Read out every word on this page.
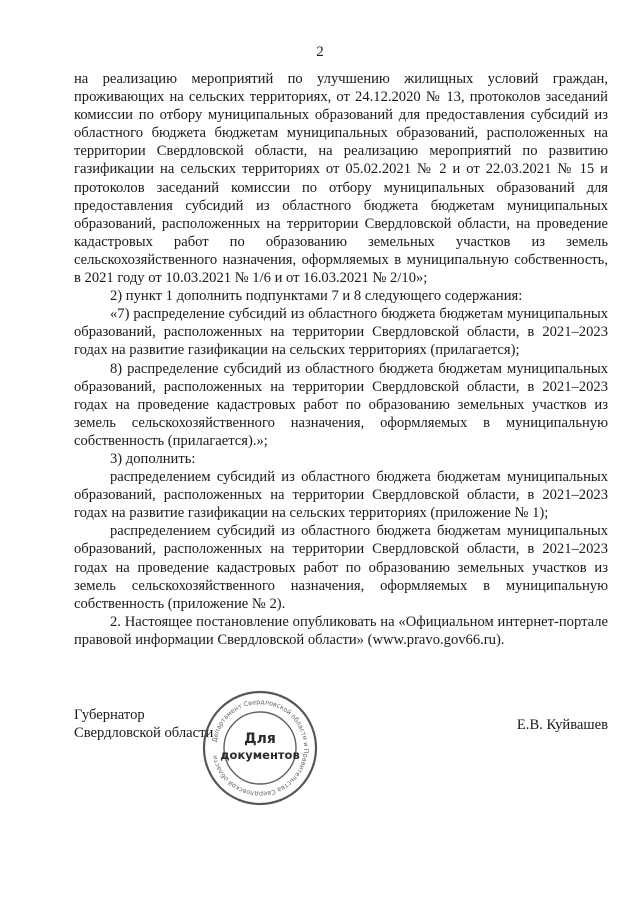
2

на реализацию мероприятий по улучшению жилищных условий граждан, проживающих на сельских территориях, от 24.12.2020 № 13, протоколов заседаний комиссии по отбору муниципальных образований для предоставления субсидий из областного бюджета бюджетам муниципальных образований, расположенных на территории Свердловской области, на реализацию мероприятий по развитию газификации на сельских территориях от 05.02.2021 № 2 и от 22.03.2021 № 15 и протоколов заседаний комиссии по отбору муниципальных образований для предоставления субсидий из областного бюджета бюджетам муниципальных образований, расположенных на территории Свердловской области, на проведение кадастровых работ по образованию земельных участков из земель сельскохозяйственного назначения, оформляемых в муниципальную собственность, в 2021 году от 10.03.2021 № 1/6 и от 16.03.2021 № 2/10»;

2) пункт 1 дополнить подпунктами 7 и 8 следующего содержания:

«7) распределение субсидий из областного бюджета бюджетам муниципальных образований, расположенных на территории Свердловской области, в 2021–2023 годах на развитие газификации на сельских территориях (прилагается);

8) распределение субсидий из областного бюджета бюджетам муниципальных образований, расположенных на территории Свердловской области, в 2021–2023 годах на проведение кадастровых работ по образованию земельных участков из земель сельскохозяйственного назначения, оформляемых в муниципальную собственность (прилагается).»;

3) дополнить:

распределением субсидий из областного бюджета бюджетам муниципальных образований, расположенных на территории Свердловской области, в 2021–2023 годах на развитие газификации на сельских территориях (приложение № 1);

распределением субсидий из областного бюджета бюджетам муниципальных образований, расположенных на территории Свердловской области, в 2021–2023 годах на проведение кадастровых работ по образованию земельных участков из земель сельскохозяйственного назначения, оформляемых в муниципальную собственность (приложение № 2).

2. Настоящее постановление опубликовать на «Официальном интернет-портале правовой информации Свердловской области» (www.pravo.gov66.ru).

Губернатор
Свердловской области
Е.В. Куйвашев
Департамент Свердловской области и Правительства Свердловской области
Для
документов
